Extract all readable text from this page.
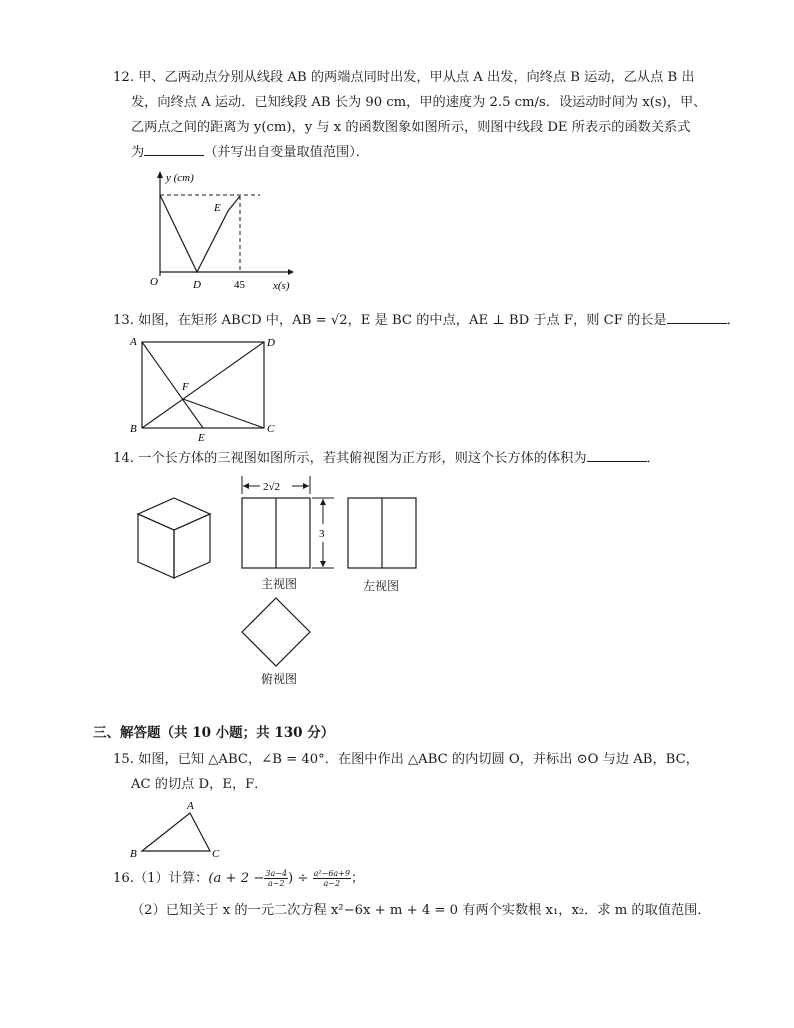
12. 甲、乙两动点分别从线段 AB 的两端点同时出发，甲从点 A 出发，向终点 B 运动，乙从点 B 出
发，向终点 A 运动．已知线段 AB 长为 90 cm，甲的速度为 2.5 cm/s．设运动时间为 x(s)，甲、
乙两点之间的距离为 y(cm)，y 与 x 的函数图象如图所示，则图中线段 DE 所表示的函数关系式
为	（并写出自变量取值范围）．
y (cm)
O	D
E
45	x(s)
13. 如图，在矩形 ABCD 中，AB = √2，E 是 BC 的中点，AE ⊥ BD 于点 F，则 CF 的长是	．
A	D
B	C
E
F
14. 一个长方体的三视图如图所示，若其俯视图为正方形，则这个长方体的体积为	．
2√2
3
主视图	左视图
俯视图
三、解答题（共 10 小题；共 130 分）
15. 如图，已知 △ABC，∠B = 40°．在图中作出 △ABC 的内切圆 O，并标出 ⊙O 与边 AB，BC，
AC 的切点 D，E，F．
A
B	C
16.（1）计算：($a + 2 - \frac{3a-4}{a-2}$ ) ÷ $\frac{\text{a²−6a+9}}{a-2}$ ；
（2）已知关于 x 的一元二次方程 x²−6x + m + 4 = 0 有两个实数根 x₁，x₂．求 m 的取值范围．
